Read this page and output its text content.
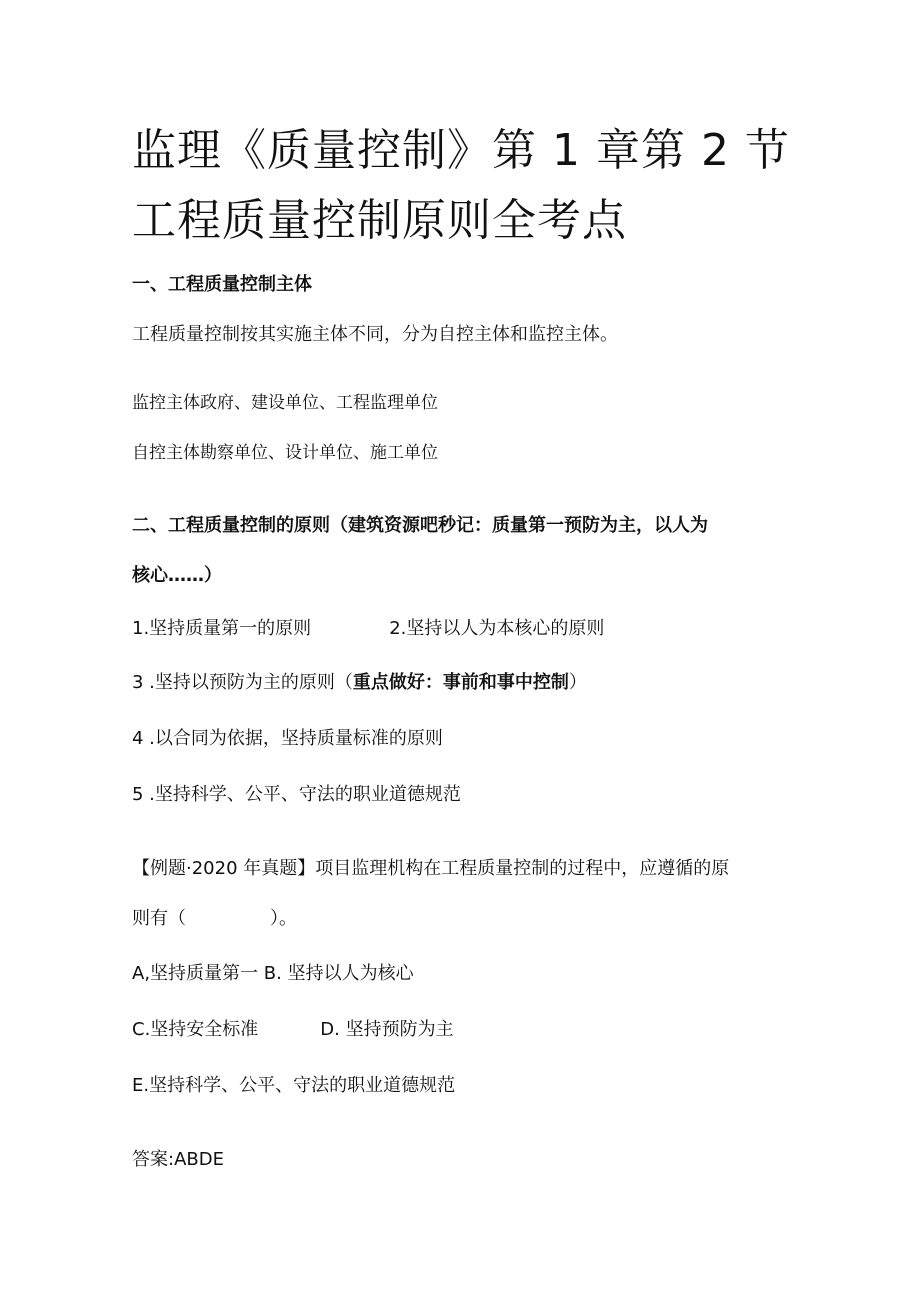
监理《质量控制》第 1 章第 2 节工程质量控制原则全考点
一、工程质量控制主体
工程质量控制按其实施主体不同，分为自控主体和监控主体。
监控主体政府、建设单位、工程监理单位
自控主体勘察单位、设计单位、施工单位
二、工程质量控制的原则（建筑资源吧秒记：质量第一预防为主，以人为
核心……）
1.坚持质量第一的原则	2.坚持以人为本核心的原则
3 .坚持以预防为主的原则（重点做好：事前和事中控制）
4 .以合同为依据，坚持质量标准的原则
5 .坚持科学、公平、守法的职业道德规范
【例题·2020 年真题】项目监理机构在工程质量控制的过程中，应遵循的原
则有（	）。
A,坚持质量第一 B. 坚持以人为核心
C.坚持安全标准	D. 坚持预防为主
E.坚持科学、公平、守法的职业道德规范
答案:ABDE
